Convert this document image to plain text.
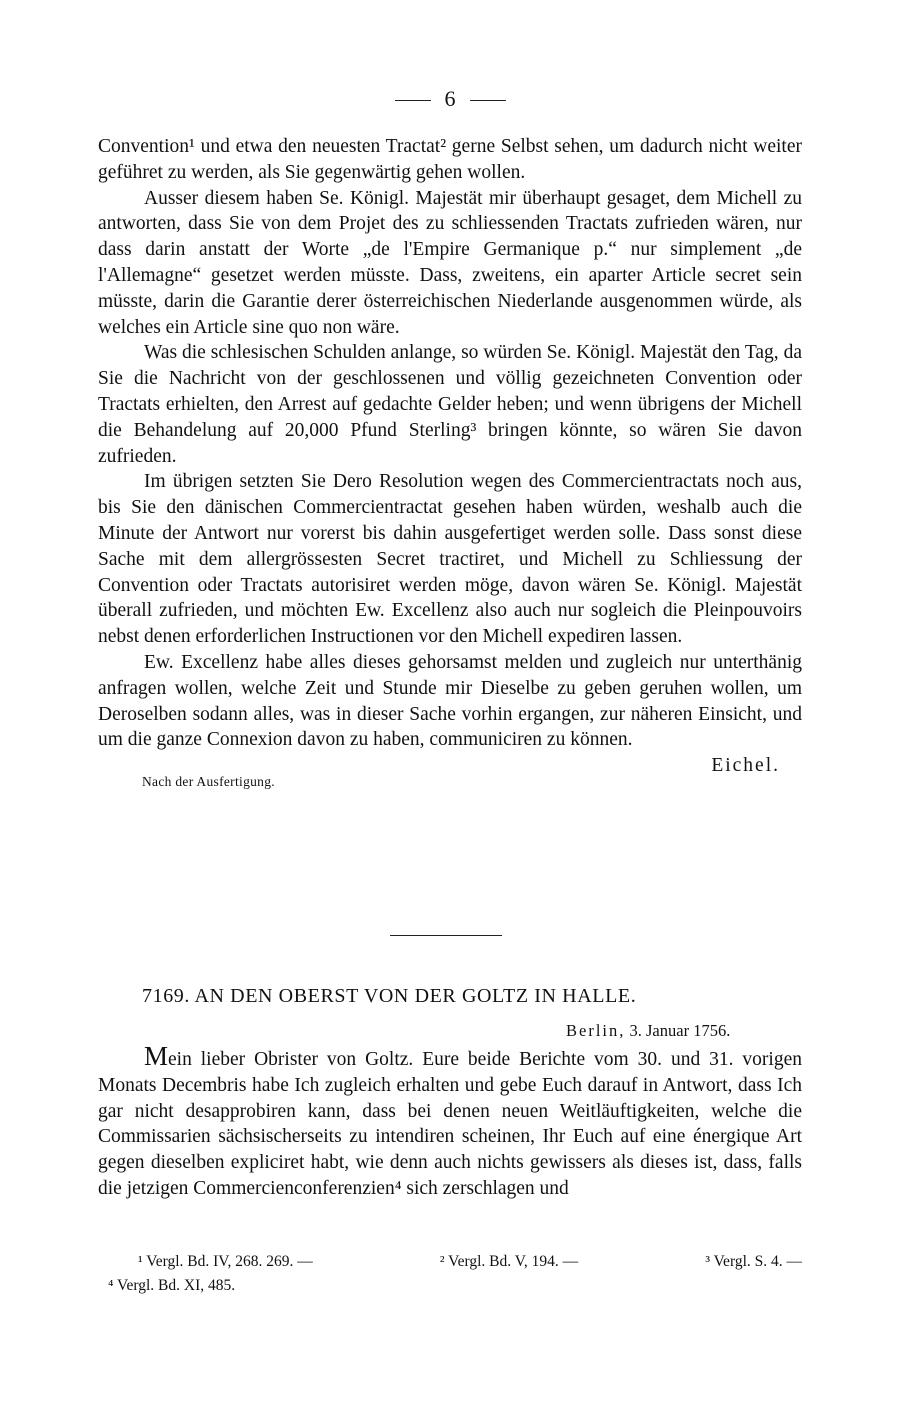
6

Convention¹ und etwa den neuesten Tractat² gerne Selbst sehen, um dadurch nicht weiter geführet zu werden, als Sie gegenwärtig gehen wollen.

Ausser diesem haben Se. Königl. Majestät mir überhaupt gesaget, dem Michell zu antworten, dass Sie von dem Projet des zu schliessenden Tractats zufrieden wären, nur dass darin anstatt der Worte „de l'Empire Germanique p.“ nur simplement „de l'Allemagne“ gesetzet werden müsste. Dass, zweitens, ein aparter Article secret sein müsste, darin die Garantie derer österreichischen Niederlande ausgenommen würde, als welches ein Article sine quo non wäre.

Was die schlesischen Schulden anlange, so würden Se. Königl. Majestät den Tag, da Sie die Nachricht von der geschlossenen und völlig gezeichneten Convention oder Tractats erhielten, den Arrest auf gedachte Gelder heben; und wenn übrigens der Michell die Behandelung auf 20,000 Pfund Sterling³ bringen könnte, so wären Sie davon zufrieden.

Im übrigen setzten Sie Dero Resolution wegen des Commercientractats noch aus, bis Sie den dänischen Commercientractat gesehen haben würden, weshalb auch die Minute der Antwort nur vorerst bis dahin ausgefertiget werden solle. Dass sonst diese Sache mit dem allergrössesten Secret tractiret, und Michell zu Schliessung der Convention oder Tractats autorisiret werden möge, davon wären Se. Königl. Majestät überall zufrieden, und möchten Ew. Excellenz also auch nur sogleich die Pleinpouvoirs nebst denen erforderlichen Instructionen vor den Michell expediren lassen.

Ew. Excellenz habe alles dieses gehorsamst melden und zugleich nur unterthänig anfragen wollen, welche Zeit und Stunde mir Dieselbe zu geben geruhen wollen, um Deroselben sodann alles, was in dieser Sache vorhin ergangen, zur näheren Einsicht, und um die ganze Connexion davon zu haben, communiciren zu können.

Nach der Ausfertigung.
Eichel.
7169. AN DEN OBERST VON DER GOLTZ IN HALLE.
Berlin, 3. Januar 1756.

Mein lieber Obrister von Goltz. Eure beide Berichte vom 30. und 31. vorigen Monats Decembris habe Ich zugleich erhalten und gebe Euch darauf in Antwort, dass Ich gar nicht desapprobiren kann, dass bei denen neuen Weitläuftigkeiten, welche die Commissarien sächsischerseits zu intendiren scheinen, Ihr Euch auf eine énergique Art gegen dieselben expliciret habt, wie denn auch nichts gewissers als dieses ist, dass, falls die jetzigen Commercienconferenzien⁴ sich zerschlagen und

¹ Vergl. Bd. IV, 268. 269. —	² Vergl. Bd. V, 194. —	³ Vergl. S. 4. —
⁴ Vergl. Bd. XI, 485.
